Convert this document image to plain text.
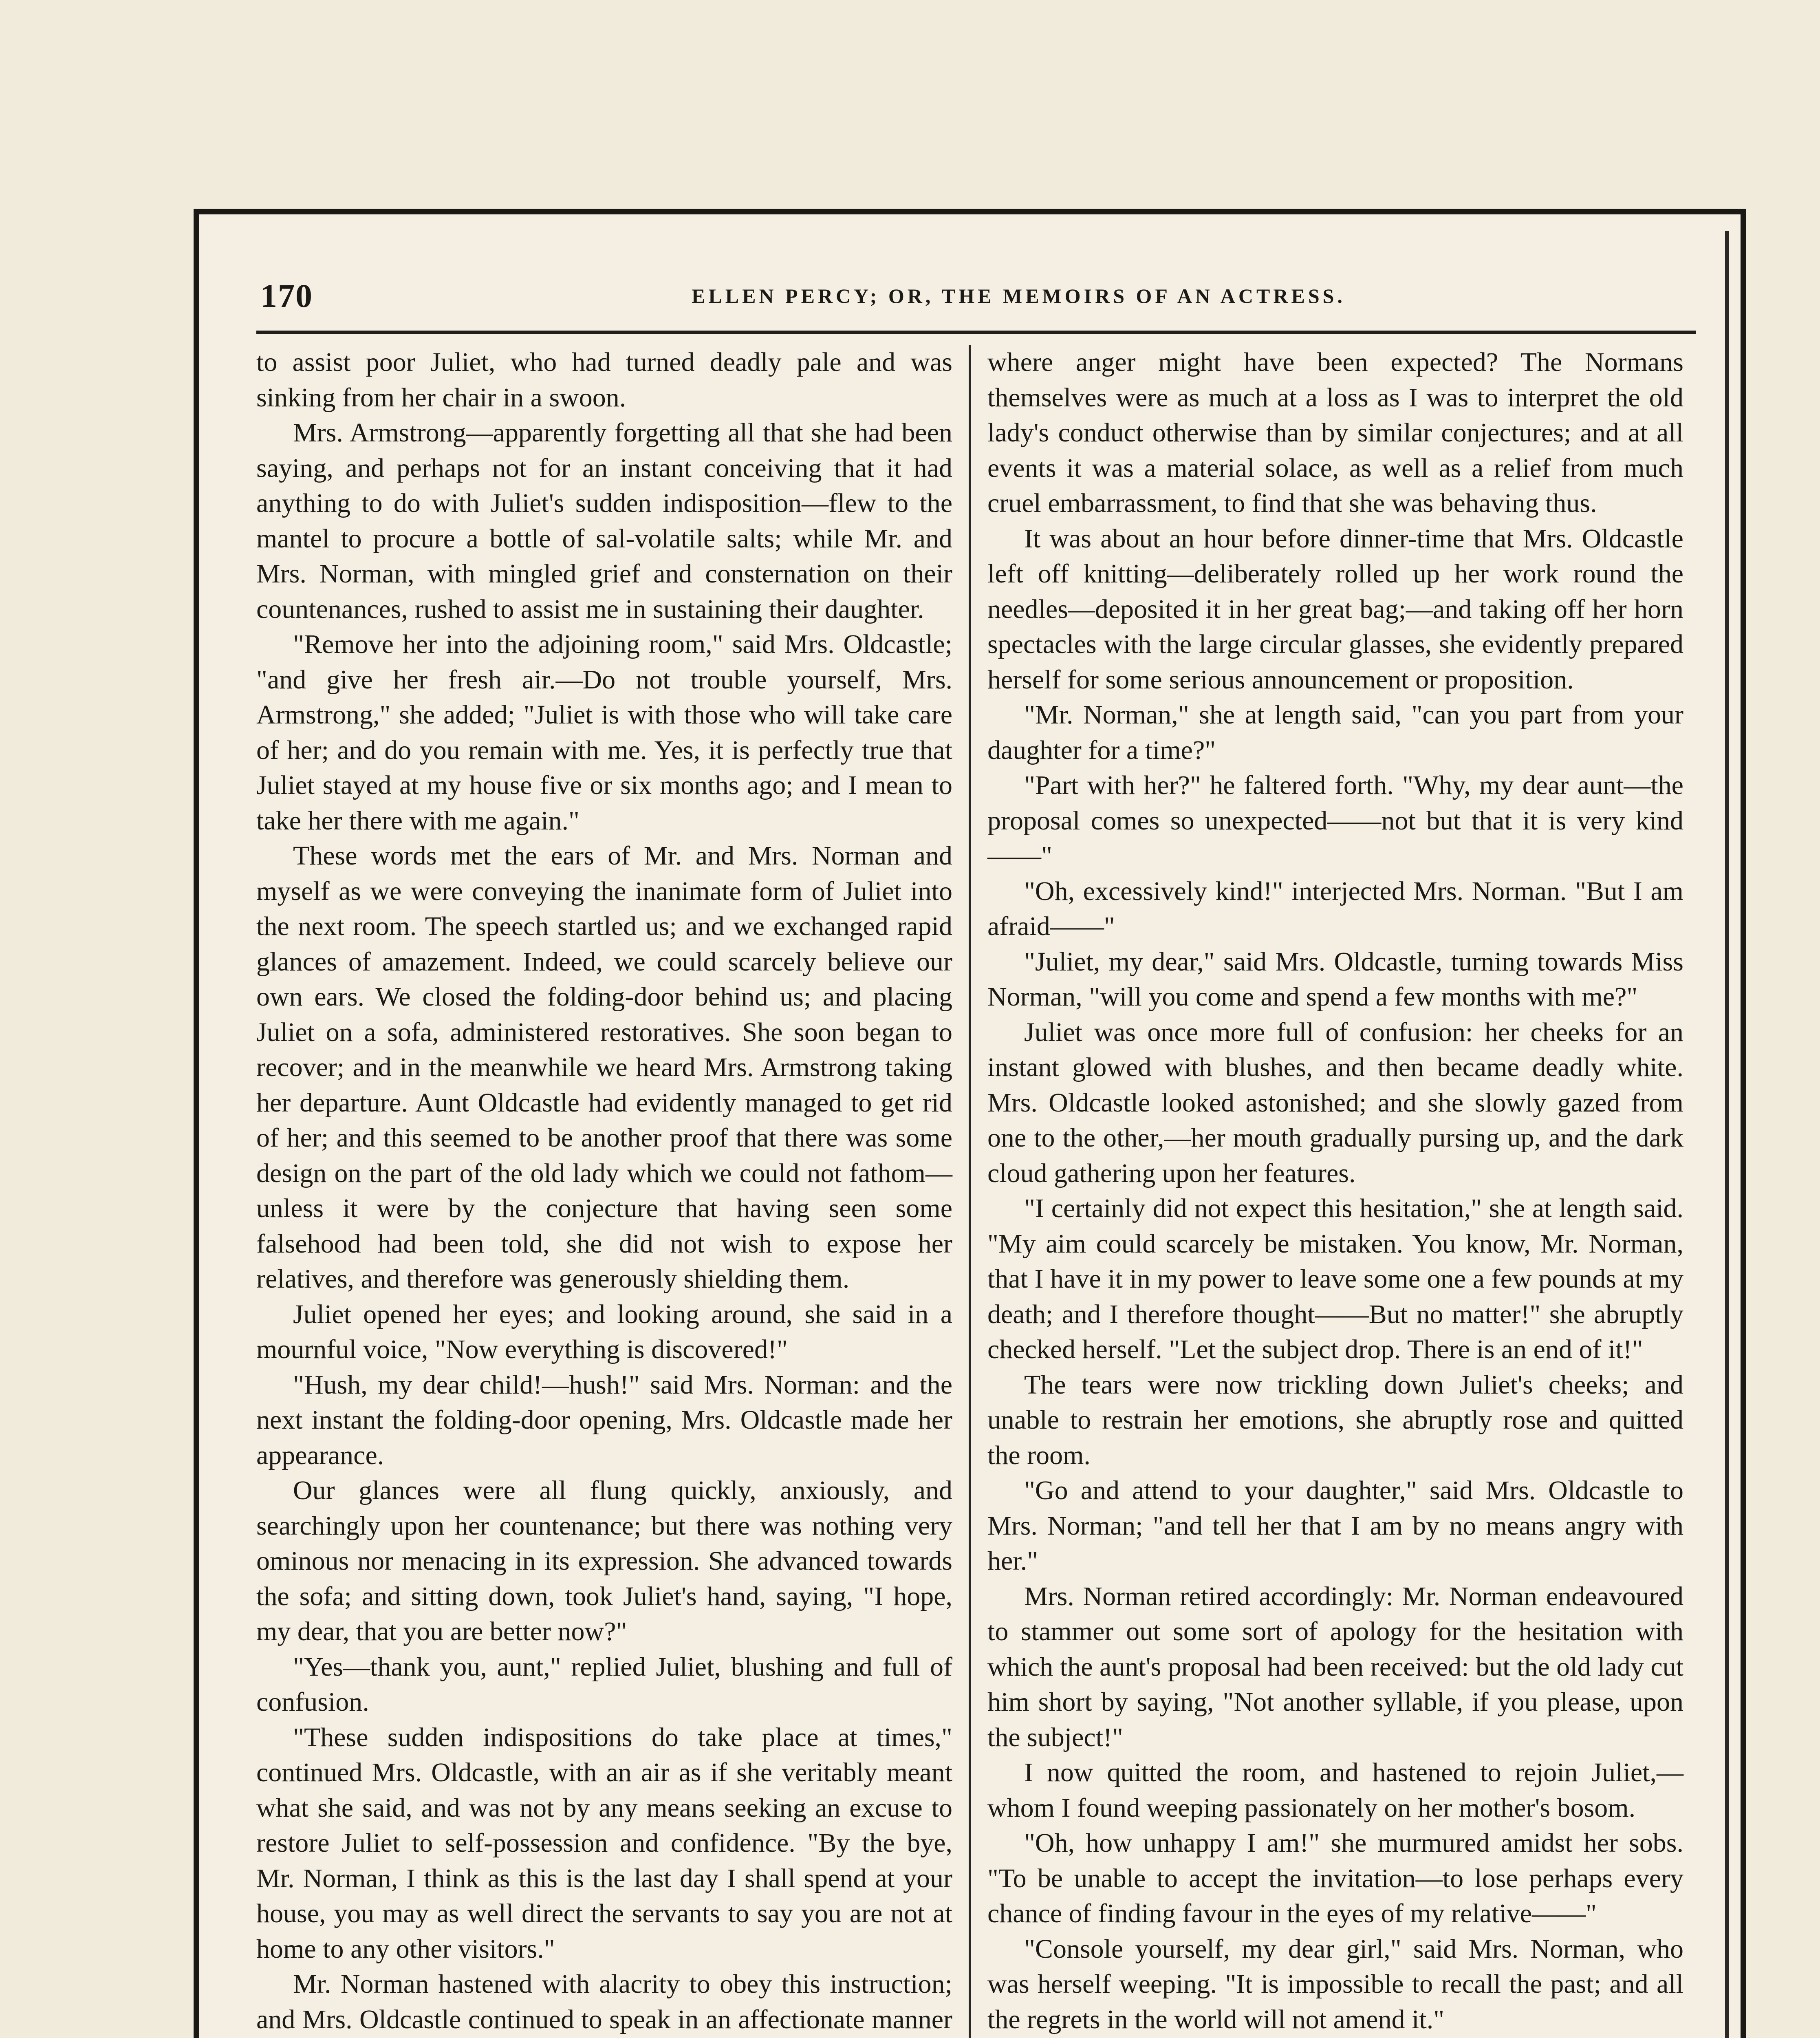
170	ELLEN PERCY; OR, THE MEMOIRS OF AN ACTRESS.

to assist poor Juliet, who had turned deadly pale and was sinking from her chair in a swoon.

Mrs. Armstrong—apparently forgetting all that she had been saying, and perhaps not for an instant conceiving that it had anything to do with Juliet's sudden indisposition—flew to the mantel to procure a bottle of sal-volatile salts; while Mr. and Mrs. Norman, with mingled grief and consternation on their countenances, rushed to assist me in sustaining their daughter.

"Remove her into the adjoining room," said Mrs. Oldcastle; "and give her fresh air.—Do not trouble yourself, Mrs. Armstrong," she added; "Juliet is with those who will take care of her; and do you remain with me. Yes, it is perfectly true that Juliet stayed at my house five or six months ago; and I mean to take her there with me again."

These words met the ears of Mr. and Mrs. Norman and myself as we were conveying the inanimate form of Juliet into the next room. The speech startled us; and we exchanged rapid glances of amazement. Indeed, we could scarcely believe our own ears. We closed the folding-door behind us; and placing Juliet on a sofa, administered restoratives. She soon began to recover; and in the meanwhile we heard Mrs. Armstrong taking her departure. Aunt Oldcastle had evidently managed to get rid of her; and this seemed to be another proof that there was some design on the part of the old lady which we could not fathom—unless it were by the conjecture that having seen some falsehood had been told, she did not wish to expose her relatives, and therefore was generously shielding them.

Juliet opened her eyes; and looking around, she said in a mournful voice, "Now everything is discovered!"

"Hush, my dear child!—hush!" said Mrs. Norman: and the next instant the folding-door opening, Mrs. Oldcastle made her appearance.

Our glances were all flung quickly, anxiously, and searchingly upon her countenance; but there was nothing very ominous nor menacing in its expression. She advanced towards the sofa; and sitting down, took Juliet's hand, saying, "I hope, my dear, that you are better now?"

"Yes—thank you, aunt," replied Juliet, blushing and full of confusion.

"These sudden indispositions do take place at times," continued Mrs. Oldcastle, with an air as if she veritably meant what she said, and was not by any means seeking an excuse to restore Juliet to self-possession and confidence. "By the bye, Mr. Norman, I think as this is the last day I shall spend at your house, you may as well direct the servants to say you are not at home to any other visitors."

Mr. Norman hastened with alacrity to obey this instruction; and Mrs. Oldcastle continued to speak in an affectionate manner

where anger might have been expected? The Normans themselves were as much at a loss as I was to interpret the old lady's conduct otherwise than by similar conjectures; and at all events it was a material solace, as well as a relief from much cruel embarrassment, to find that she was behaving thus.

It was about an hour before dinner-time that Mrs. Oldcastle left off knitting—deliberately rolled up her work round the needles—deposited it in her great bag;—and taking off her horn spectacles with the large circular glasses, she evidently prepared herself for some serious announcement or proposition.

"Mr. Norman," she at length said, "can you part from your daughter for a time?"

"Part with her?" he faltered forth. "Why, my dear aunt—the proposal comes so unexpected——not but that it is very kind——"

"Oh, excessively kind!" interjected Mrs. Norman. "But I am afraid——"

"Juliet, my dear," said Mrs. Oldcastle, turning towards Miss Norman, "will you come and spend a few months with me?"

Juliet was once more full of confusion: her cheeks for an instant glowed with blushes, and then became deadly white. Mrs. Oldcastle looked astonished; and she slowly gazed from one to the other,—her mouth gradually pursing up, and the dark cloud gathering upon her features.

"I certainly did not expect this hesitation," she at length said. "My aim could scarcely be mistaken. You know, Mr. Norman, that I have it in my power to leave some one a few pounds at my death; and I therefore thought——But no matter!" she abruptly checked herself. "Let the subject drop. There is an end of it!"

The tears were now trickling down Juliet's cheeks; and unable to restrain her emotions, she abruptly rose and quitted the room.

"Go and attend to your daughter," said Mrs. Oldcastle to Mrs. Norman; "and tell her that I am by no means angry with her."

Mrs. Norman retired accordingly: Mr. Norman endeavoured to stammer out some sort of apology for the hesitation with which the aunt's proposal had been received: but the old lady cut him short by saying, "Not another syllable, if you please, upon the subject!"

I now quitted the room, and hastened to rejoin Juliet,—whom I found weeping passionately on her mother's bosom.

"Oh, how unhappy I am!" she murmured amidst her sobs. "To be unable to accept the invitation—to lose perhaps every chance of finding favour in the eyes of my relative——"

"Console yourself, my dear girl," said Mrs. Norman, who was herself weeping. "It is impossible to recall the past; and all the regrets in the world will not amend it."
